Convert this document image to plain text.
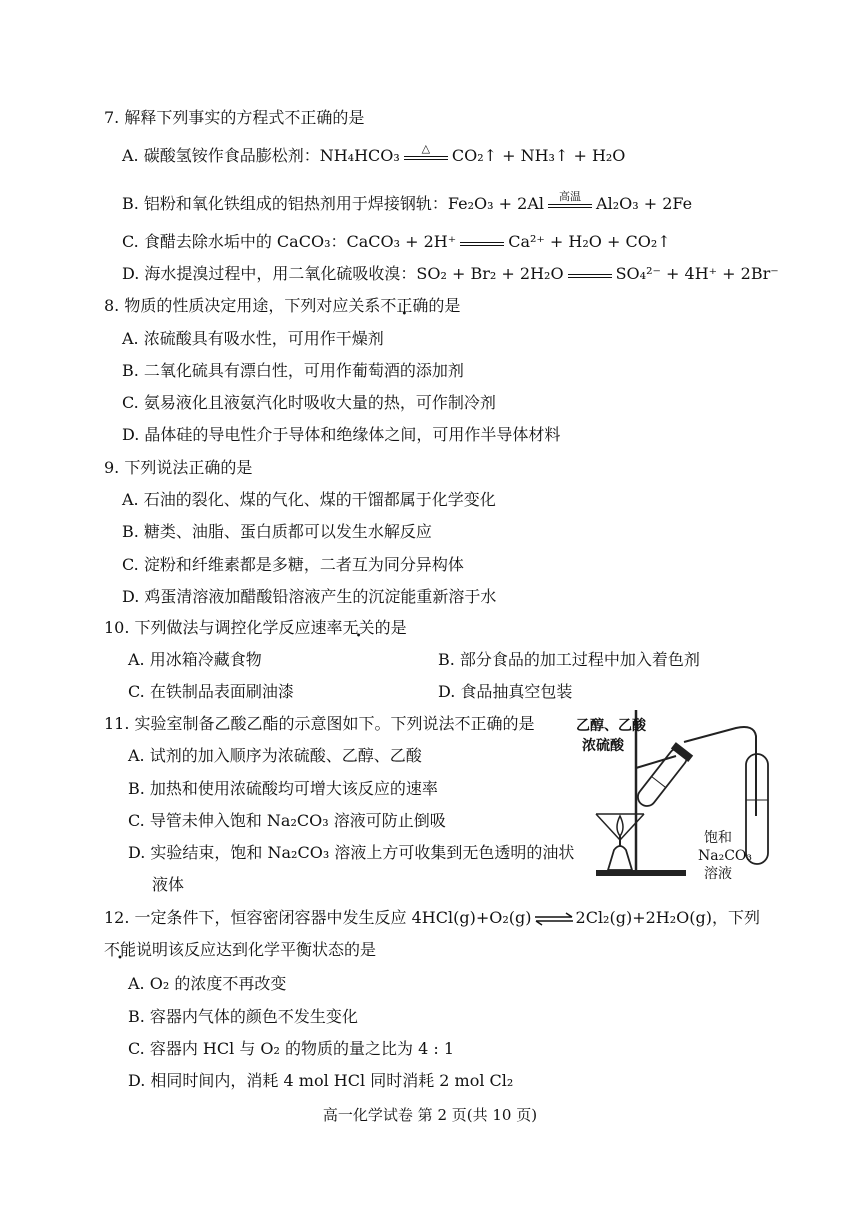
7. 解释下列事实的方程式不正确的是
A. 碳酸氢铵作食品膨松剂：NH₄HCO₃	△	CO₂↑ + NH₃↑ + H₂O
B. 铝粉和氧化铁组成的铝热剂用于焊接钢轨：Fe₂O₃ + 2Al	高温 Al₂O₃ + 2Fe
C. 食醋去除水垢中的 CaCO₃：CaCO₃ + 2H⁺	Ca²⁺ + H₂O + CO₂↑
D. 海水提溴过程中，用二氧化硫吸收溴：SO₂ + Br₂ + 2H₂O	SO₄²⁻ + 4H⁺ + 2Br⁻
8. 物质的性质决定用途，下列对应关系不正确的是
A. 浓硫酸具有吸水性，可用作干燥剂
B. 二氧化硫具有漂白性，可用作葡萄酒的添加剂
C. 氨易液化且液氨汽化时吸收大量的热，可作制冷剂
D. 晶体硅的导电性介于导体和绝缘体之间，可用作半导体材料
9. 下列说法正确的是
A. 石油的裂化、煤的气化、煤的干馏都属于化学变化
B. 糖类、油脂、蛋白质都可以发生水解反应
C. 淀粉和纤维素都是多糖，二者互为同分异构体
D. 鸡蛋清溶液加醋酸铅溶液产生的沉淀能重新溶于水
10. 下列做法与调控化学反应速率无关的是
A. 用冰箱冷藏食物	B. 部分食品的加工过程中加入着色剂
C. 在铁制品表面刷油漆	D. 食品抽真空包装
11. 实验室制备乙酸乙酯的示意图如下。下列说法不正确的是
A. 试剂的加入顺序为浓硫酸、乙醇、乙酸
B. 加热和使用浓硫酸均可增大该反应的速率
C. 导管未伸入饱和 Na₂CO₃ 溶液可防止倒吸
D. 实验结束，饱和 Na₂CO₃ 溶液上方可收集到无色透明的油状
液体
乙醇、乙酸
浓硫酸
饱和
Na₂CO₃
溶液
12. 一定条件下，恒容密闭容器中发生反应 4HCl(g)+O₂(g)⇌2Cl₂(g)+2H₂O(g)，下列
不能说明该反应达到化学平衡状态的是
A. O₂ 的浓度不再改变
B. 容器内气体的颜色不发生变化
C. 容器内 HCl 与 O₂ 的物质的量之比为 4 : 1
D. 相同时间内，消耗 4 mol HCl 同时消耗 2 mol Cl₂
高一化学试卷 第 2 页(共 10 页)
